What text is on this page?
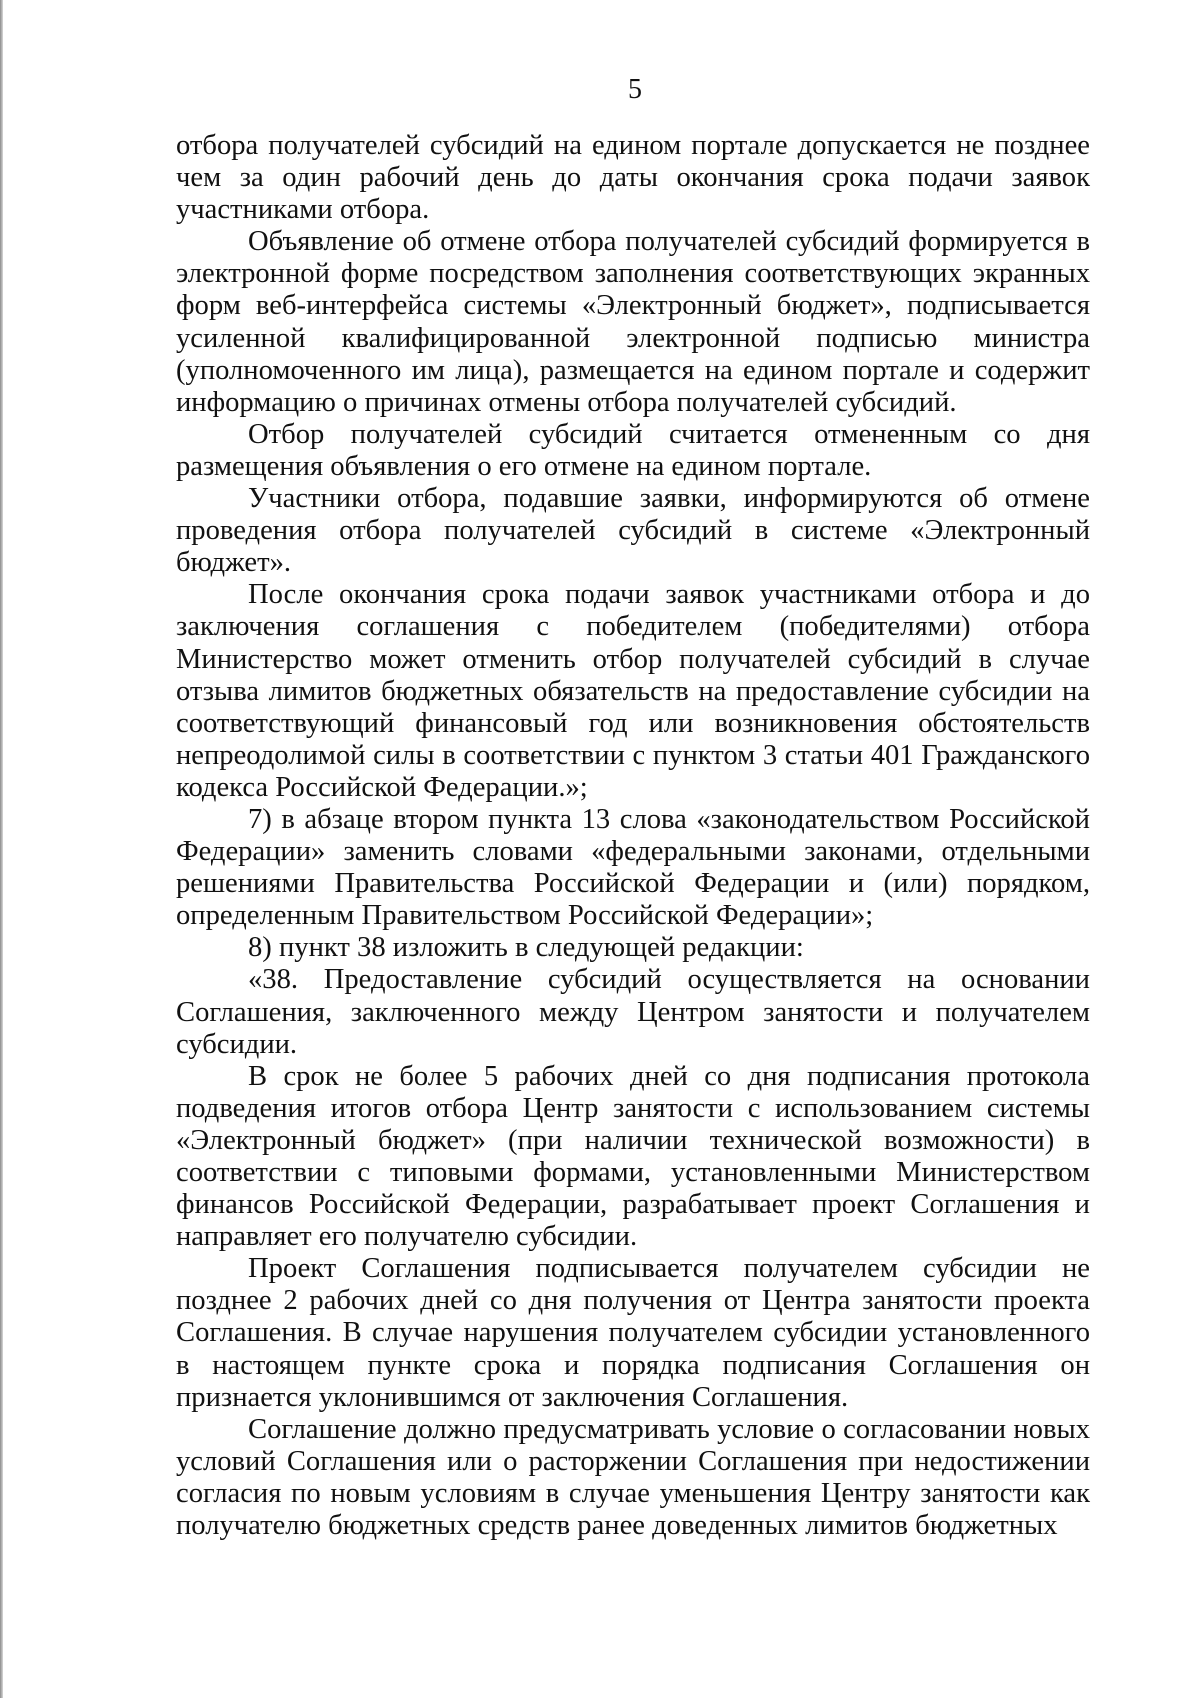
5

отбора получателей субсидий на едином портале допускается не позднее чем за один рабочий день до даты окончания срока подачи заявок участниками отбора.

Объявление об отмене отбора получателей субсидий формируется в электронной форме посредством заполнения соответствующих экранных форм веб-интерфейса системы «Электронный бюджет», подписывается усиленной квалифицированной электронной подписью министра (уполномоченного им лица), размещается на едином портале и содержит информацию о причинах отмены отбора получателей субсидий.

Отбор получателей субсидий считается отмененным со дня размещения объявления о его отмене на едином портале.

Участники отбора, подавшие заявки, информируются об отмене проведения отбора получателей субсидий в системе «Электронный бюджет».

После окончания срока подачи заявок участниками отбора и до заключения соглашения с победителем (победителями) отбора Министерство может отменить отбор получателей субсидий в случае отзыва лимитов бюджетных обязательств на предоставление субсидии на соответствующий финансовый год или возникновения обстоятельств непреодолимой силы в соответствии с пунктом 3 статьи 401 Гражданского кодекса Российской Федерации.»;

7) в абзаце втором пункта 13 слова «законодательством Российской Федерации» заменить словами «федеральными законами, отдельными решениями Правительства Российской Федерации и (или) порядком, определенным Правительством Российской Федерации»;

8) пункт 38 изложить в следующей редакции:

«38. Предоставление субсидий осуществляется на основании Соглашения, заключенного между Центром занятости и получателем субсидии.

В срок не более 5 рабочих дней со дня подписания протокола подведения итогов отбора Центр занятости с использованием системы «Электронный бюджет» (при наличии технической возможности) в соответствии с типовыми формами, установленными Министерством финансов Российской Федерации, разрабатывает проект Соглашения и направляет его получателю субсидии.

Проект Соглашения подписывается получателем субсидии не позднее 2 рабочих дней со дня получения от Центра занятости проекта Соглашения. В случае нарушения получателем субсидии установленного в настоящем пункте срока и порядка подписания Соглашения он признается уклонившимся от заключения Соглашения.

Соглашение должно предусматривать условие о согласовании новых условий Соглашения или о расторжении Соглашения при недостижении согласия по новым условиям в случае уменьшения Центру занятости как получателю бюджетных средств ранее доведенных лимитов бюджетных
